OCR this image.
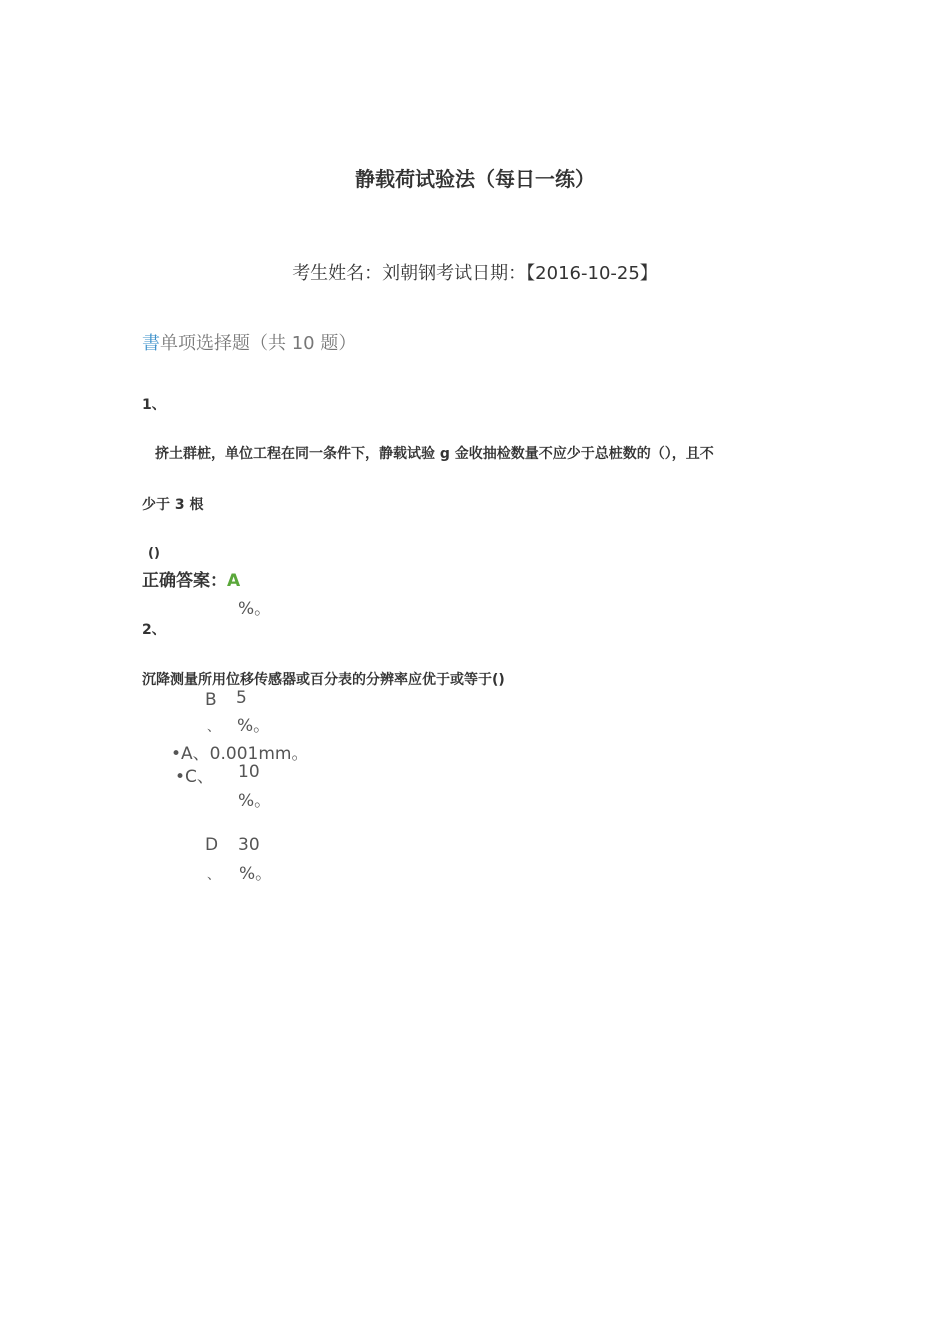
静载荷试验法（每日一练）
考生姓名：刘朝钢考试日期：【2016-10-25】
書单项选择题（共 10 题）
1、
挤土群桩，单位工程在同一条件下，静载试验 g 金收抽检数量不应少于总桩数的（），且不
少于 3 根
()
正确答案：A
%。
2、
沉降测量所用位移传感器或百分表的分辨率应优于或等于()
B 5
、 %。
•A、0.001mm。
•C、 10
%。
D 30
、 %。
